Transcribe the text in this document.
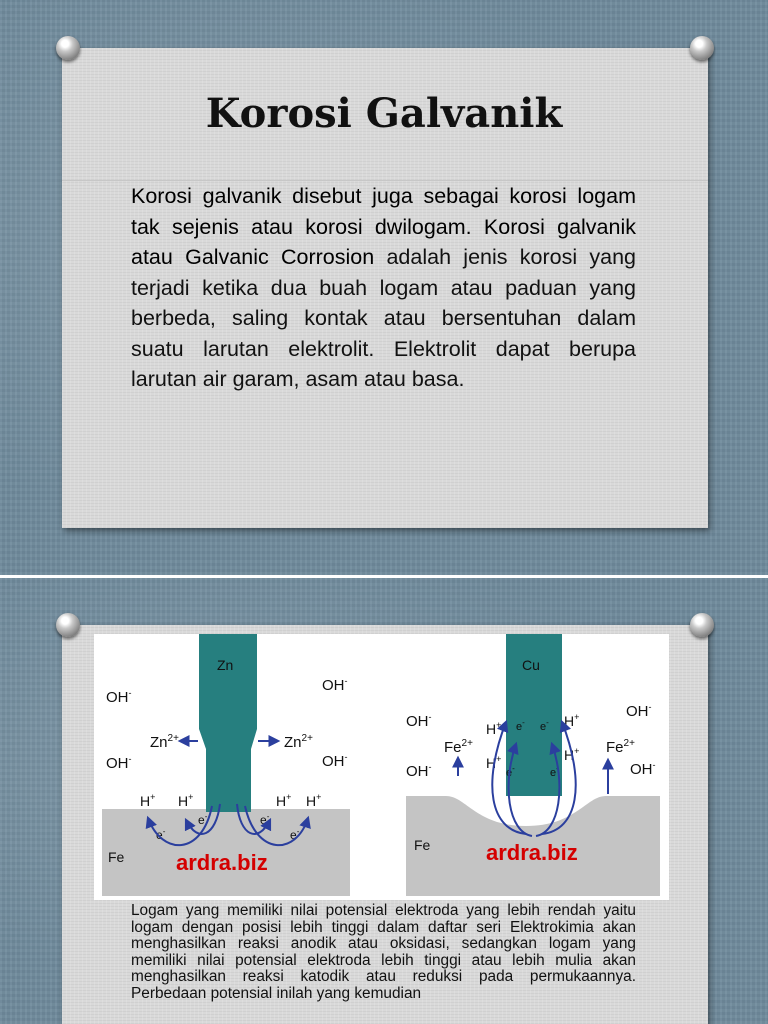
Korosi Galvanik

Korosi galvanik disebut juga sebagai korosi logam tak sejenis atau korosi dwilogam. Korosi galvanik atau Galvanic Corrosion adalah jenis korosi yang terjadi ketika dua buah logam atau paduan yang berbeda, saling kontak atau bersentuhan dalam suatu larutan elektrolit. Elektrolit dapat berupa larutan air garam, asam atau basa.

Zn
Fe
OH-	OH-
OH-	OH-
$Zn^{2+}$	$Zn^{2+}$
H+ H+	H+ H+
e-
e-	e-
e-
ardra.biz
Cu
Fe
OH-	OH-
OH-	OH-
$Fe^{2+}$	$Fe^{2+}$
H+	H+
H+	H+
e- e-
e-	e-
ardra.biz

Logam yang memiliki nilai potensial elektroda yang lebih rendah yaitu logam dengan posisi lebih tinggi dalam daftar seri Elektrokimia akan menghasilkan reaksi anodik atau oksidasi, sedangkan logam yang memiliki nilai potensial elektroda lebih tinggi atau lebih mulia akan menghasilkan reaksi katodik atau reduksi pada permukaannya. Perbedaan potensial inilah yang kemudian
